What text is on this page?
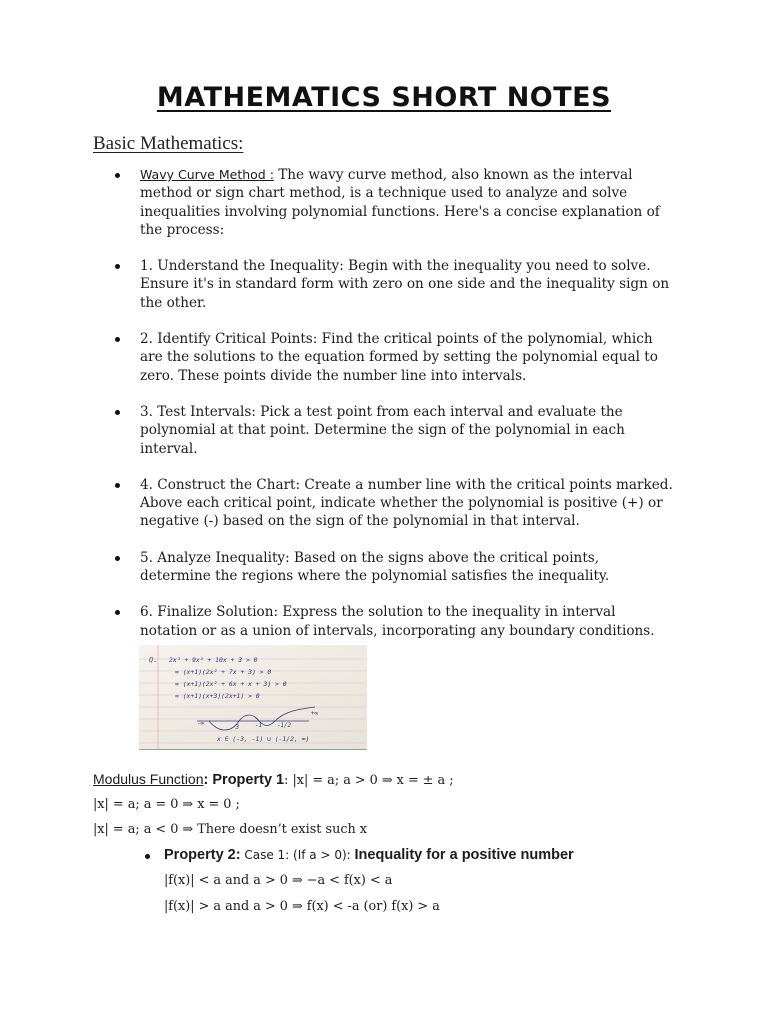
MATHEMATICS SHORT NOTES
Basic Mathematics:
Wavy Curve Method : The wavy curve method, also known as the interval method or sign chart method, is a technique used to analyze and solve inequalities involving polynomial functions. Here's a concise explanation of the process:
1. Understand the Inequality: Begin with the inequality you need to solve. Ensure it's in standard form with zero on one side and the inequality sign on the other.
2. Identify Critical Points: Find the critical points of the polynomial, which are the solutions to the equation formed by setting the polynomial equal to zero. These points divide the number line into intervals.
3. Test Intervals: Pick a test point from each interval and evaluate the polynomial at that point. Determine the sign of the polynomial in each interval.
4. Construct the Chart: Create a number line with the critical points marked. Above each critical point, indicate whether the polynomial is positive (+) or negative (-) based on the sign of the polynomial in that interval.
5. Analyze Inequality: Based on the signs above the critical points, determine the regions where the polynomial satisfies the inequality.
6. Finalize Solution: Express the solution to the inequality in interval notation or as a union of intervals, incorporating any boundary conditions.
Q. 2x³ + 9x² + 10x + 3 > 0
= (x+1)(2x² + 7x + 3) > 0
= (x+1)(2x² + 6x + x + 3) > 0
= (x+1)(x+3)(2x+1) > 0
x ∈ (-3, -1) ∪ (-1/2, ∞)
-∞
-3	-1	-1/2
+∞
Modulus Function: Property 1: |x| = a; a > 0 ⇒ x = ± a ;
|x| = a; a = 0 ⇒ x = 0 ;
|x| = a; a < 0 ⇒ There doesn’t exist such x
Property 2: Case 1: (If a > 0): Inequality for a positive number
|f(x)| < a and a > 0 ⇒ −a < f(x) < a
|f(x)| > a and a > 0 ⇒ f(x) < -a (or) f(x) > a
